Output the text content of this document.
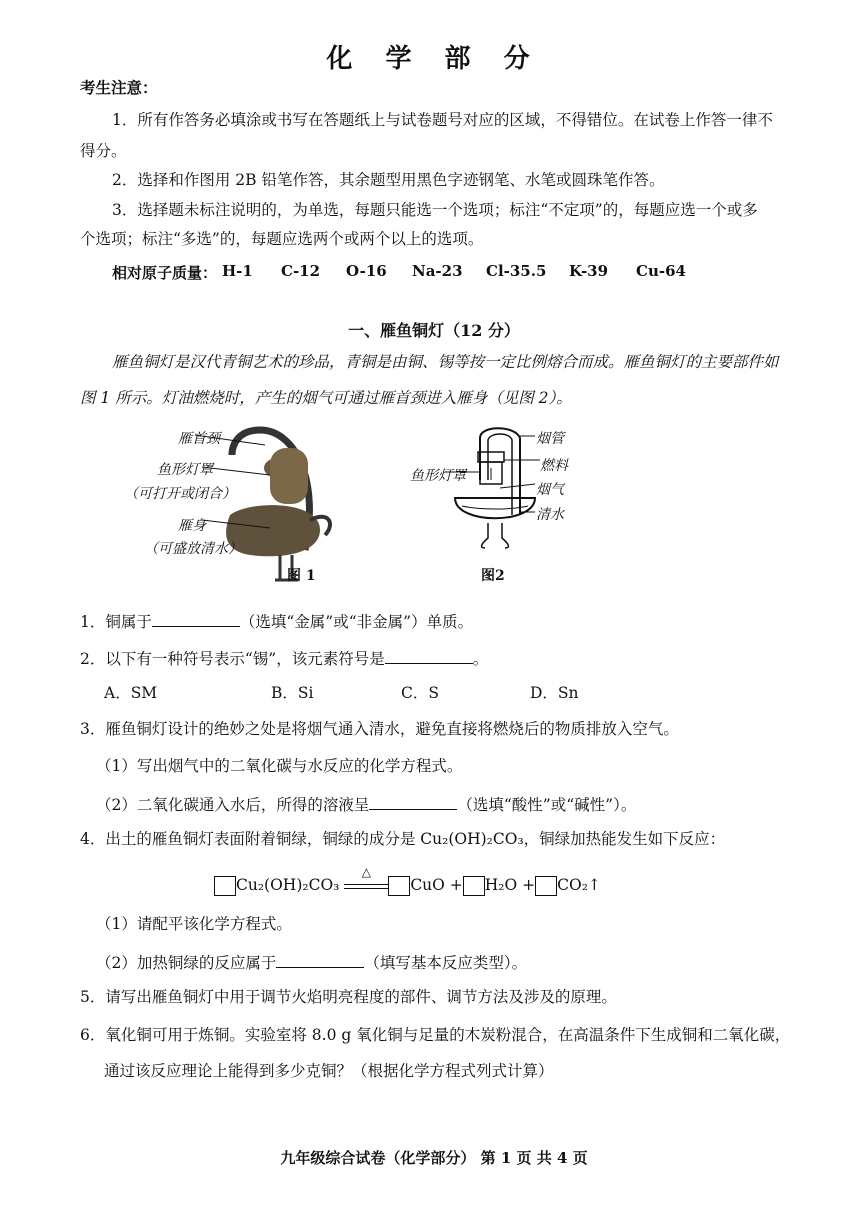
化 学 部 分
考生注意：
1．所有作答务必填涂或书写在答题纸上与试卷题号对应的区域，不得错位。在试卷上作答一律不
得分。
2．选择和作图用 2B 铅笔作答，其余题型用黑色字迹钢笔、水笔或圆珠笔作答。
3．选择题未标注说明的，为单选，每题只能选一个选项；标注“不定项”的，每题应选一个或多
个选项；标注“多选”的，每题应选两个或两个以上的选项。
相对原子质量： H-1 C-12 O-16 Na-23 Cl-35.5 K-39 Cu-64
一、雁鱼铜灯（12 分）
雁鱼铜灯是汉代青铜艺术的珍品，青铜是由铜、锡等按一定比例熔合而成。雁鱼铜灯的主要部件如
图 1 所示。灯油燃烧时，产生的烟气可通过雁首颈进入雁身（见图 2）。
雁首颈
鱼形灯罩
（可打开或闭合）
雁身
（可盛放清水）
图 1
烟管
燃料
鱼形灯罩
烟气
清水
图2
1．铜属于	（选填“金属”或“非金属”）单质。
2．以下有一种符号表示“锡”，该元素符号是	。
A．SM	B．Si	C．S	D．Sn
3．雁鱼铜灯设计的绝妙之处是将烟气通入清水，避免直接将燃烧后的物质排放入空气。
（1）写出烟气中的二氧化碳与水反应的化学方程式。
（2）二氧化碳通入水后，所得的溶液呈	（选填“酸性”或“碱性”）。
4．出土的雁鱼铜灯表面附着铜绿，铜绿的成分是 Cu₂(OH)₂CO₃，铜绿加热能发生如下反应：
Cu₂(OH)₂CO₃
△
CuO + H₂O + CO₂↑
（1）请配平该化学方程式。
（2）加热铜绿的反应属于	（填写基本反应类型）。
5．请写出雁鱼铜灯中用于调节火焰明亮程度的部件、调节方法及涉及的原理。
6．氧化铜可用于炼铜。实验室将 8.0 g 氧化铜与足量的木炭粉混合，在高温条件下生成铜和二氧化碳，
通过该反应理论上能得到多少克铜？（根据化学方程式列式计算）
九年级综合试卷（化学部分） 第 1 页 共 4 页
